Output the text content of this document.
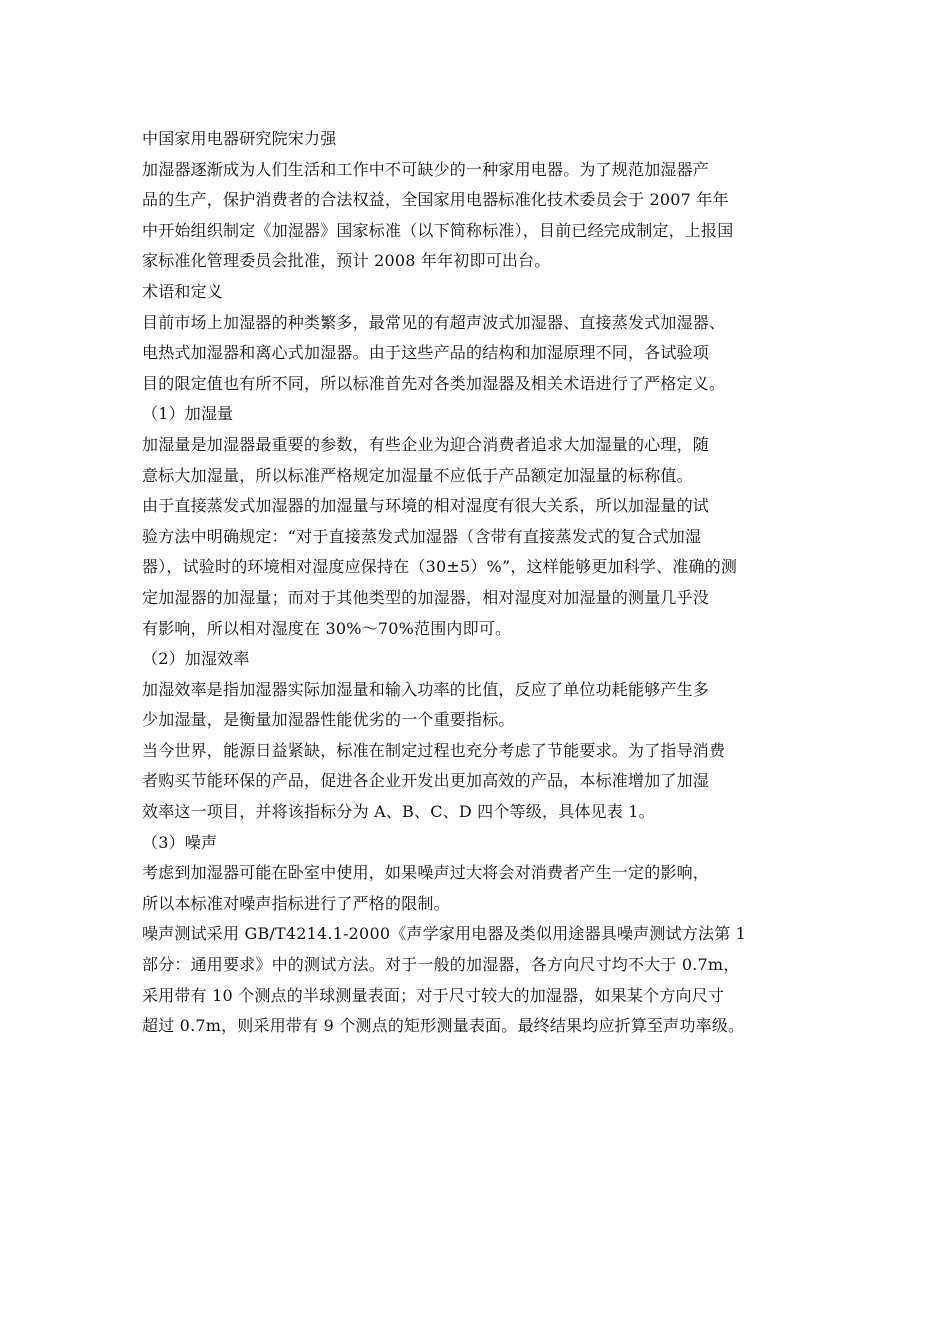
中国家用电器研究院宋力强

加湿器逐渐成为人们生活和工作中不可缺少的一种家用电器。为了规范加湿器产

品的生产，保护消费者的合法权益，全国家用电器标准化技术委员会于 2007 年年

中开始组织制定《加湿器》国家标准（以下简称标准），目前已经完成制定，上报国

家标准化管理委员会批准，预计 2008 年年初即可出台。

术语和定义

目前市场上加湿器的种类繁多，最常见的有超声波式加湿器、直接蒸发式加湿器、

电热式加湿器和离心式加湿器。由于这些产品的结构和加湿原理不同，各试验项

目的限定值也有所不同，所以标准首先对各类加湿器及相关术语进行了严格定义。

（1）加湿量

加湿量是加湿器最重要的参数，有些企业为迎合消费者追求大加湿量的心理，随

意标大加湿量，所以标准严格规定加湿量不应低于产品额定加湿量的标称值。

由于直接蒸发式加湿器的加湿量与环境的相对湿度有很大关系，所以加湿量的试

验方法中明确规定：“对于直接蒸发式加湿器（含带有直接蒸发式的复合式加湿

器），试验时的环境相对湿度应保持在（30±5）%”，这样能够更加科学、准确的测

定加湿器的加湿量；而对于其他类型的加湿器，相对湿度对加湿量的测量几乎没

有影响，所以相对湿度在 30%～70%范围内即可。

（2）加湿效率

加湿效率是指加湿器实际加湿量和输入功率的比值，反应了单位功耗能够产生多

少加湿量，是衡量加湿器性能优劣的一个重要指标。

当今世界，能源日益紧缺，标准在制定过程也充分考虑了节能要求。为了指导消费

者购买节能环保的产品，促进各企业开发出更加高效的产品，本标准增加了加湿

效率这一项目，并将该指标分为 A、B、C、D 四个等级，具体见表 1。

（3）噪声

考虑到加湿器可能在卧室中使用，如果噪声过大将会对消费者产生一定的影响，

所以本标准对噪声指标进行了严格的限制。

噪声测试采用 GB/T4214.1-2000《声学家用电器及类似用途器具噪声测试方法第 1

部分：通用要求》中的测试方法。对于一般的加湿器，各方向尺寸均不大于 0.7m，

采用带有 10 个测点的半球测量表面；对于尺寸较大的加湿器，如果某个方向尺寸

超过 0.7m，则采用带有 9 个测点的矩形测量表面。最终结果均应折算至声功率级。
